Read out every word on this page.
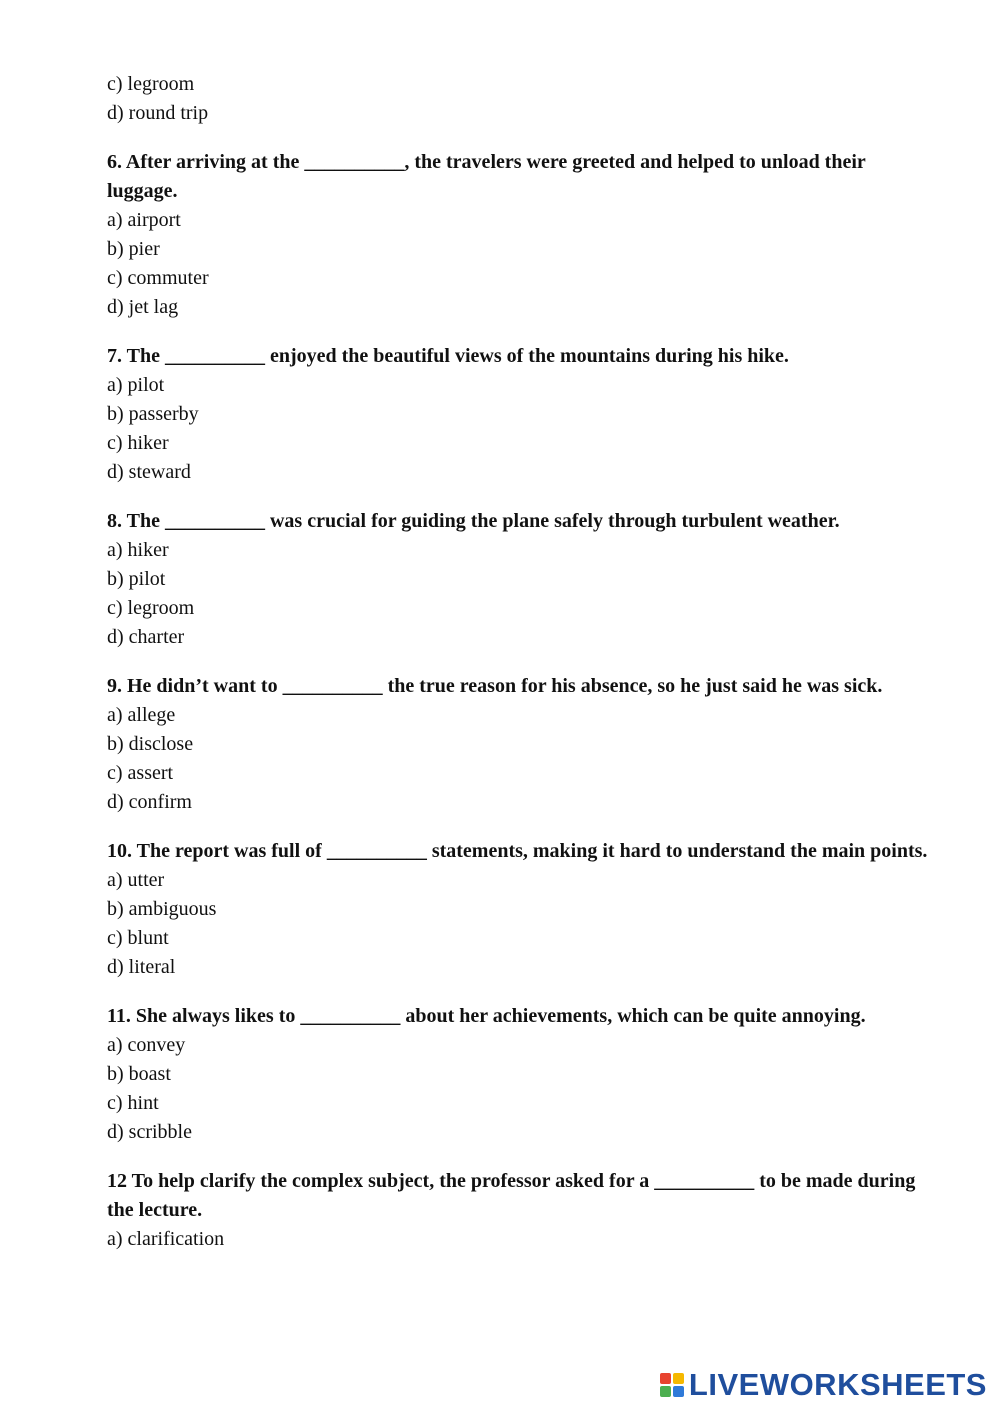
c) legroom
d) round trip
6. After arriving at the __________, the travelers were greeted and helped to unload their luggage.
a) airport
b) pier
c) commuter
d) jet lag
7. The __________ enjoyed the beautiful views of the mountains during his hike.
a) pilot
b) passerby
c) hiker
d) steward
8. The __________ was crucial for guiding the plane safely through turbulent weather.
a) hiker
b) pilot
c) legroom
d) charter
9. He didn’t want to __________ the true reason for his absence, so he just said he was sick.
a) allege
b) disclose
c) assert
d) confirm
10. The report was full of __________ statements, making it hard to understand the main points.
a) utter
b) ambiguous
c) blunt
d) literal
11. She always likes to __________ about her achievements, which can be quite annoying.
a) convey
b) boast
c) hint
d) scribble
12 To help clarify the complex subject, the professor asked for a __________ to be made during the lecture.
a) clarification
LIVEWORKSHEETS
